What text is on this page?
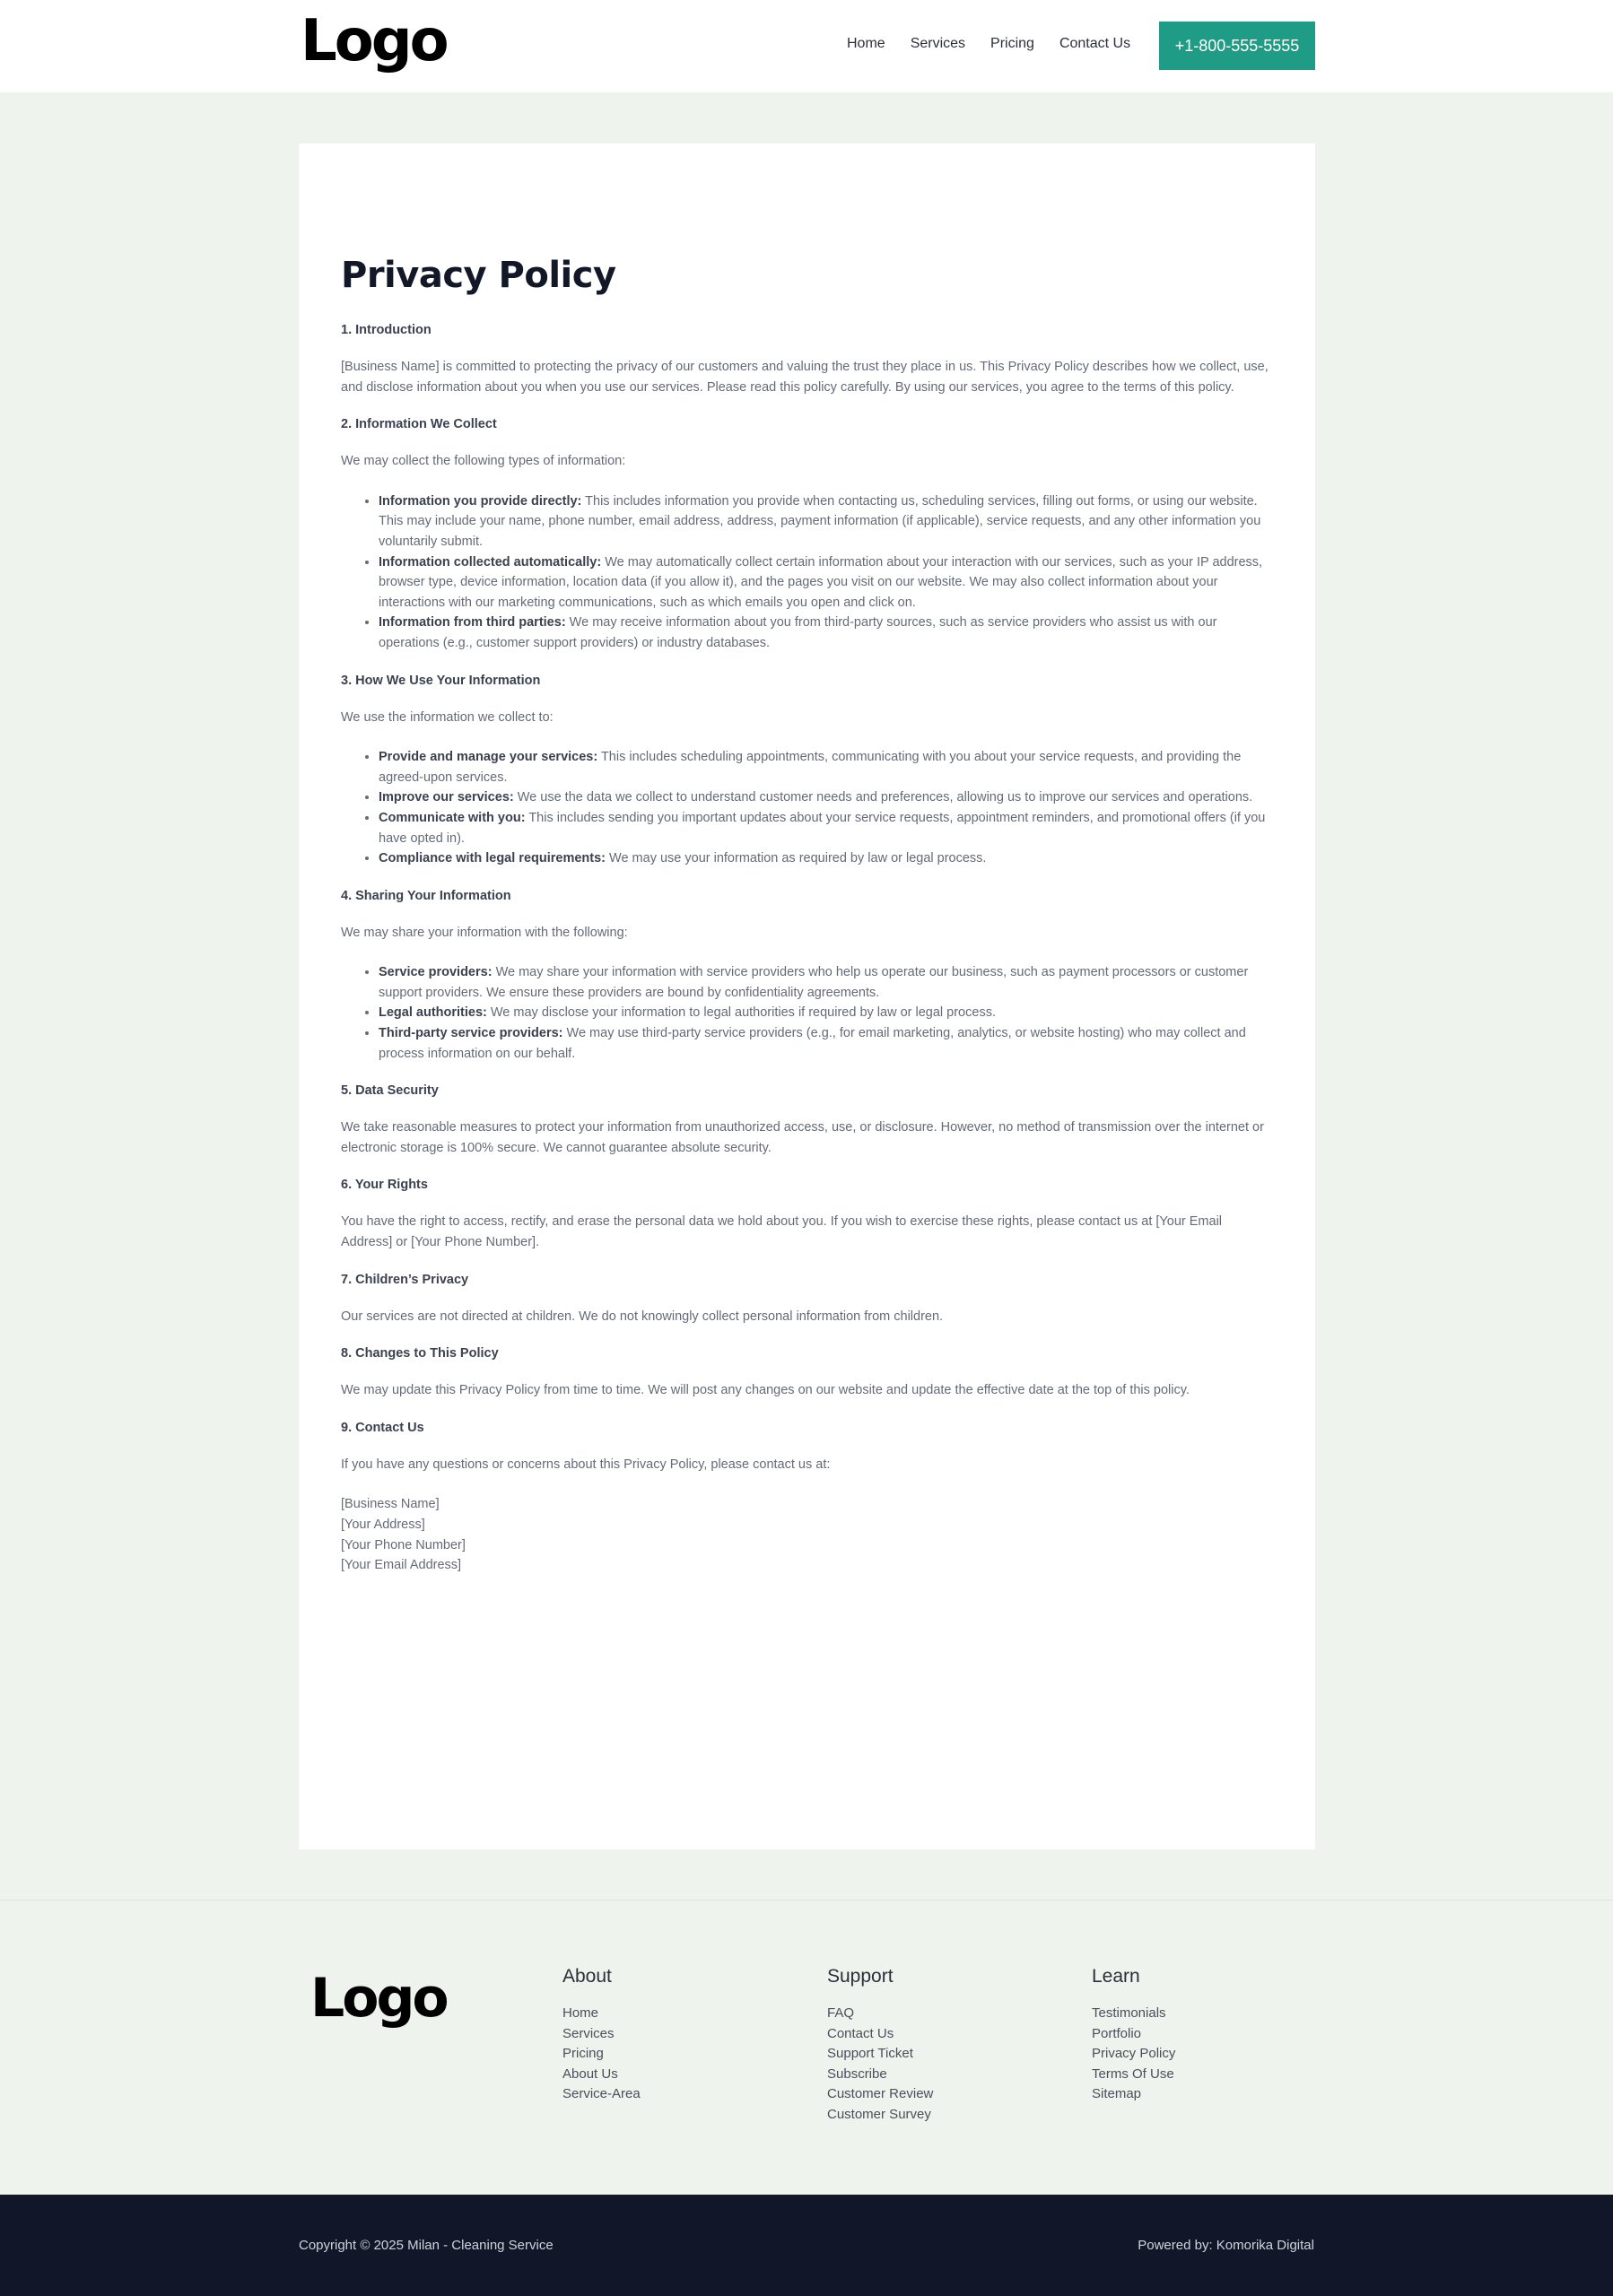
Logo	Home Services Pricing Contact Us	+1-800-555-5555
Privacy Policy
1. Introduction

[Business Name] is committed to protecting the privacy of our customers and valuing the trust they place in us. This Privacy Policy describes how we collect, use, and disclose information about you when you use our services. Please read this policy carefully. By using our services, you agree to the terms of this policy.

2. Information We Collect

We may collect the following types of information:

• Information you provide directly: This includes information you provide when contacting us, scheduling services, filling out forms, or using our website. This may include your name, phone number, email address, address, payment information (if applicable), service requests, and any other information you voluntarily submit.
• Information collected automatically: We may automatically collect certain information about your interaction with our services, such as your IP address, browser type, device information, location data (if you allow it), and the pages you visit on our website. We may also collect information about your interactions with our marketing communications, such as which emails you open and click on.
• Information from third parties: We may receive information about you from third-party sources, such as service providers who assist us with our operations (e.g., customer support providers) or industry databases.
3. How We Use Your Information

We use the information we collect to:

• Provide and manage your services: This includes scheduling appointments, communicating with you about your service requests, and providing the agreed-upon services.
• Improve our services: We use the data we collect to understand customer needs and preferences, allowing us to improve our services and operations.
• Communicate with you: This includes sending you important updates about your service requests, appointment reminders, and promotional offers (if you have opted in).
• Compliance with legal requirements: We may use your information as required by law or legal process.
4. Sharing Your Information

We may share your information with the following:

• Service providers: We may share your information with service providers who help us operate our business, such as payment processors or customer support providers. We ensure these providers are bound by confidentiality agreements.
• Legal authorities: We may disclose your information to legal authorities if required by law or legal process.
• Third-party service providers: We may use third-party service providers (e.g., for email marketing, analytics, or website hosting) who may collect and process information on our behalf.
5. Data Security

We take reasonable measures to protect your information from unauthorized access, use, or disclosure. However, no method of transmission over the internet or electronic storage is 100% secure. We cannot guarantee absolute security.

6. Your Rights

You have the right to access, rectify, and erase the personal data we hold about you. If you wish to exercise these rights, please contact us at [Your Email Address] or [Your Phone Number].

7. Children’s Privacy

Our services are not directed at children. We do not knowingly collect personal information from children.

8. Changes to This Policy

We may update this Privacy Policy from time to time. We will post any changes on our website and update the effective date at the top of this policy.

9. Contact Us

If you have any questions or concerns about this Privacy Policy, please contact us at:

[Business Name]
[Your Address]
[Your Phone Number]
[Your Email Address]
Logo	About
Home
Services
Pricing
About Us
Service-Area
Support
FAQ
Contact Us
Support Ticket
Subscribe
Customer Review
Customer Survey
Learn
Testimonials
Portfolio
Privacy Policy
Terms Of Use
Sitemap
Copyright © 2025 Milan - Cleaning Service	Powered by: Komorika Digital
